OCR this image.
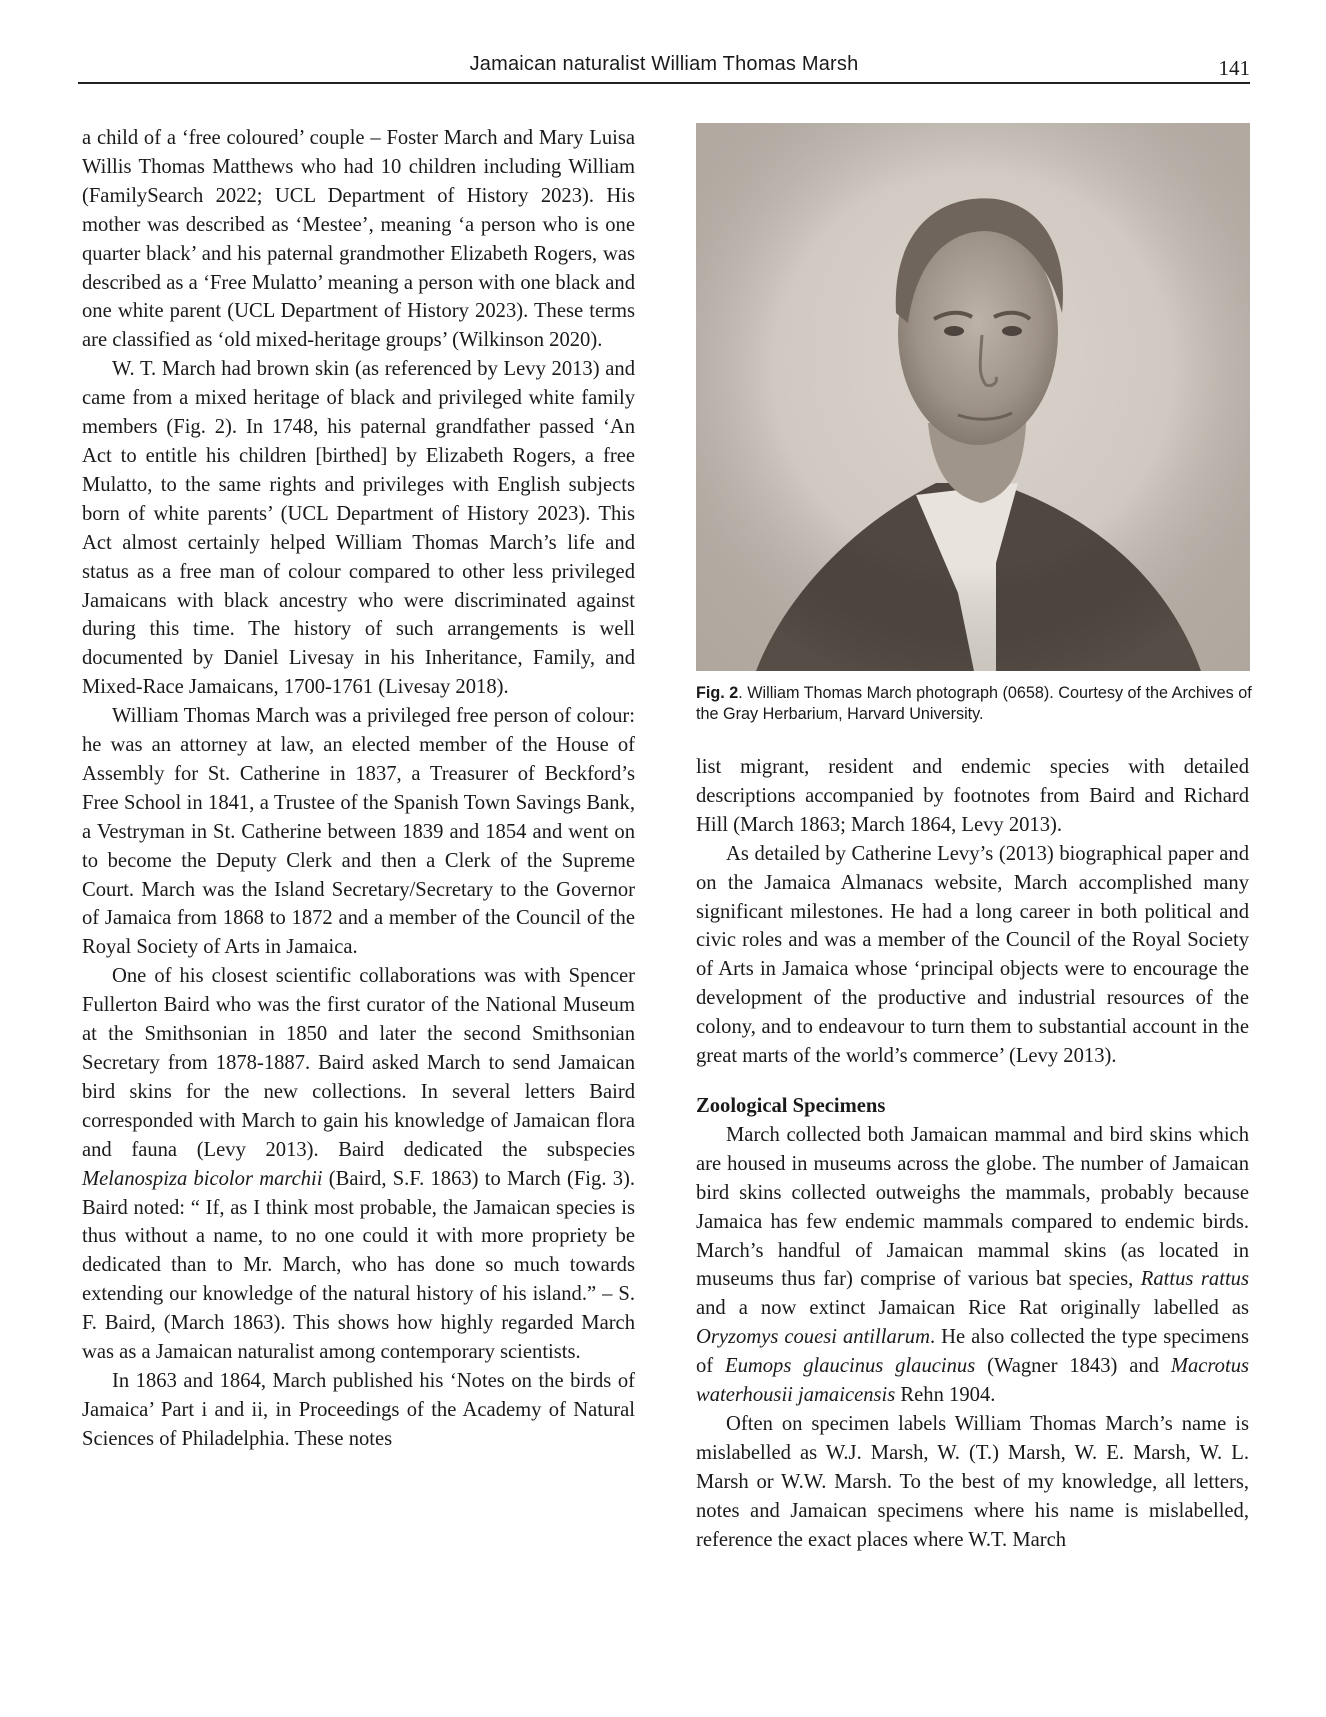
Jamaican naturalist William Thomas Marsh	141

a child of a ‘free coloured’ couple – Foster March and Mary Luisa Willis Thomas Matthews who had 10 children including William (FamilySearch 2022; UCL Department of History 2023). His mother was described as ‘Mestee’, meaning ‘a person who is one quarter black’ and his paternal grandmother Elizabeth Rogers, was described as a ‘Free Mulatto’ meaning a person with one black and one white parent (UCL Department of History 2023). These terms are classified as ‘old mixed-heritage groups’ (Wilkinson 2020).

W. T. March had brown skin (as referenced by Levy 2013) and came from a mixed heritage of black and privileged white family members (Fig. 2). In 1748, his paternal grandfather passed ‘An Act to entitle his children [birthed] by Elizabeth Rogers, a free Mulatto, to the same rights and privileges with English subjects born of white parents’ (UCL Department of History 2023). This Act almost certainly helped William Thomas March’s life and status as a free man of colour compared to other less privileged Jamaicans with black ancestry who were discriminated against during this time. The history of such arrangements is well documented by Daniel Livesay in his Inheritance, Family, and Mixed-Race Jamaicans, 1700-1761 (Livesay 2018).

William Thomas March was a privileged free person of colour: he was an attorney at law, an elected member of the House of Assembly for St. Catherine in 1837, a Treasurer of Beckford’s Free School in 1841, a Trustee of the Spanish Town Savings Bank, a Vestryman in St. Catherine between 1839 and 1854 and went on to become the Deputy Clerk and then a Clerk of the Supreme Court. March was the Island Secretary/Secretary to the Governor of Jamaica from 1868 to 1872 and a member of the Council of the Royal Society of Arts in Jamaica.

One of his closest scientific collaborations was with Spencer Fullerton Baird who was the first curator of the National Museum at the Smithsonian in 1850 and later the second Smithsonian Secretary from 1878-1887. Baird asked March to send Jamaican bird skins for the new collections. In several letters Baird corresponded with March to gain his knowledge of Jamaican flora and fauna (Levy 2013). Baird dedicated the subspecies Melanospiza bicolor marchii (Baird, S.F. 1863) to March (Fig. 3). Baird noted: “ If, as I think most probable, the Jamaican species is thus without a name, to no one could it with more propriety be dedicated than to Mr. March, who has done so much towards extending our knowledge of the natural history of his island.” – S. F. Baird, (March 1863). This shows how highly regarded March was as a Jamaican naturalist among contemporary scientists.

In 1863 and 1864, March published his ‘Notes on the birds of Jamaica’ Part i and ii, in Proceedings of the Academy of Natural Sciences of Philadelphia. These notes

Fig. 2. William Thomas March photograph (0658). Courtesy of the Archives of the Gray Herbarium, Harvard University.

list migrant, resident and endemic species with detailed descriptions accompanied by footnotes from Baird and Richard Hill (March 1863; March 1864, Levy 2013).

As detailed by Catherine Levy’s (2013) biographical paper and on the Jamaica Almanacs website, March accomplished many significant milestones. He had a long career in both political and civic roles and was a member of the Council of the Royal Society of Arts in Jamaica whose ‘principal objects were to encourage the development of the productive and industrial resources of the colony, and to endeavour to turn them to substantial account in the great marts of the world’s commerce’ (Levy 2013).

Zoological Specimens

March collected both Jamaican mammal and bird skins which are housed in museums across the globe. The number of Jamaican bird skins collected outweighs the mammals, probably because Jamaica has few endemic mammals compared to endemic birds. March’s handful of Jamaican mammal skins (as located in museums thus far) comprise of various bat species, Rattus rattus and a now extinct Jamaican Rice Rat originally labelled as Oryzomys couesi antillarum. He also collected the type specimens of Eumops glaucinus glaucinus (Wagner 1843) and Macrotus waterhousii jamaicensis Rehn 1904.

Often on specimen labels William Thomas March’s name is mislabelled as W.J. Marsh, W. (T.) Marsh, W. E. Marsh, W. L. Marsh or W.W. Marsh. To the best of my knowledge, all letters, notes and Jamaican specimens where his name is mislabelled, reference the exact places where W.T. March
